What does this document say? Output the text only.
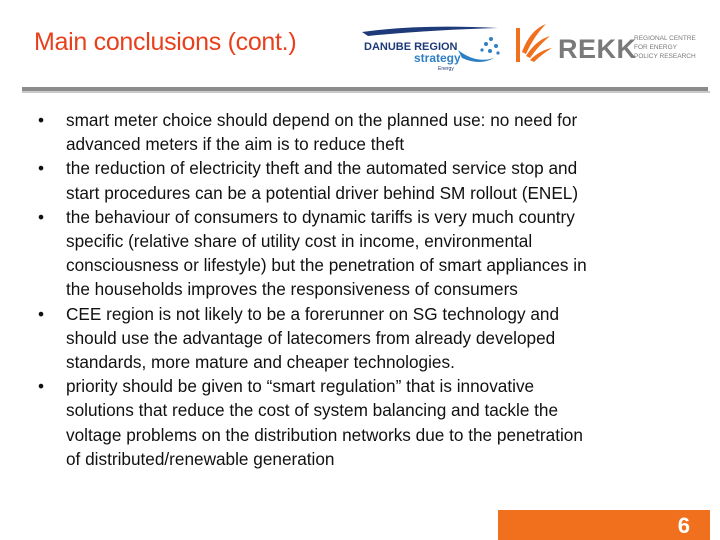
Main conclusions (cont.)	DANUBE REGION
strategy
Energy
REKK
REGIONAL CENTRE
FOR ENERGY
POLICY RESEARCH
• smart meter choice should depend on the planned use: no need for
advanced meters if the aim is to reduce theft
• the reduction of electricity theft and the automated service stop and
start procedures can be a potential driver behind SM rollout (ENEL)
• the behaviour of consumers to dynamic tariffs is very much country
specific (relative share of utility cost in income, environmental
consciousness or lifestyle) but the penetration of smart appliances in
the households improves the responsiveness of consumers
• CEE region is not likely to be a forerunner on SG technology and
should use the advantage of latecomers from already developed
standards, more mature and cheaper technologies.
• priority should be given to “smart regulation” that is innovative
solutions that reduce the cost of system balancing and tackle the
voltage problems on the distribution networks due to the penetration
of distributed/renewable generation
6
